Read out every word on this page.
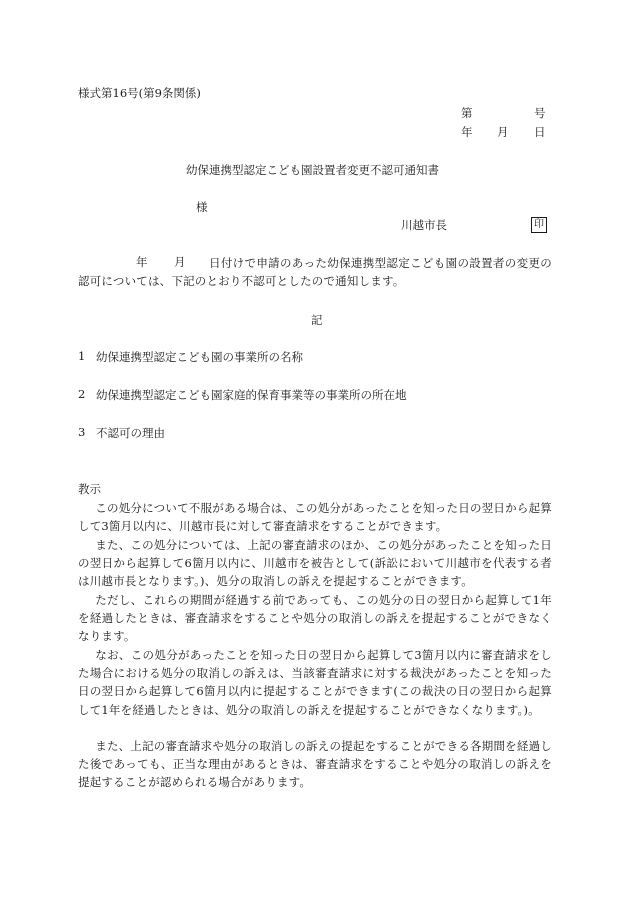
様式第16号(第9条関係)
第	号
年 月 日
幼保連携型認定こども園設置者変更不認可通知書
様
川越市長	印
年 月	日付けで申請のあった幼保連携型認定こども園の設置者の変更の認可については、下記のとおり不認可としたので通知します。
記
1 幼保連携型認定こども園の事業所の名称
2 幼保連携型認定こども園家庭的保育事業等の事業所の所在地
3 不認可の理由
教示
この処分について不服がある場合は、この処分があったことを知った日の翌日から起算して3箇月以内に、川越市長に対して審査請求をすることができます。
また、この処分については、上記の審査請求のほか、この処分があったことを知った日の翌日から起算して6箇月以内に、川越市を被告として(訴訟において川越市を代表する者は川越市長となります。)、処分の取消しの訴えを提起することができます。
ただし、これらの期間が経過する前であっても、この処分の日の翌日から起算して1年を経過したときは、審査請求をすることや処分の取消しの訴えを提起することができなくなります。
なお、この処分があったことを知った日の翌日から起算して3箇月以内に審査請求をした場合における処分の取消しの訴えは、当該審査請求に対する裁決があったことを知った日の翌日から起算して6箇月以内に提起することができます(この裁決の日の翌日から起算して1年を経過したときは、処分の取消しの訴えを提起することができなくなります。)。
また、上記の審査請求や処分の取消しの訴えの提起をすることができる各期間を経過した後であっても、正当な理由があるときは、審査請求をすることや処分の取消しの訴えを提起することが認められる場合があります。
